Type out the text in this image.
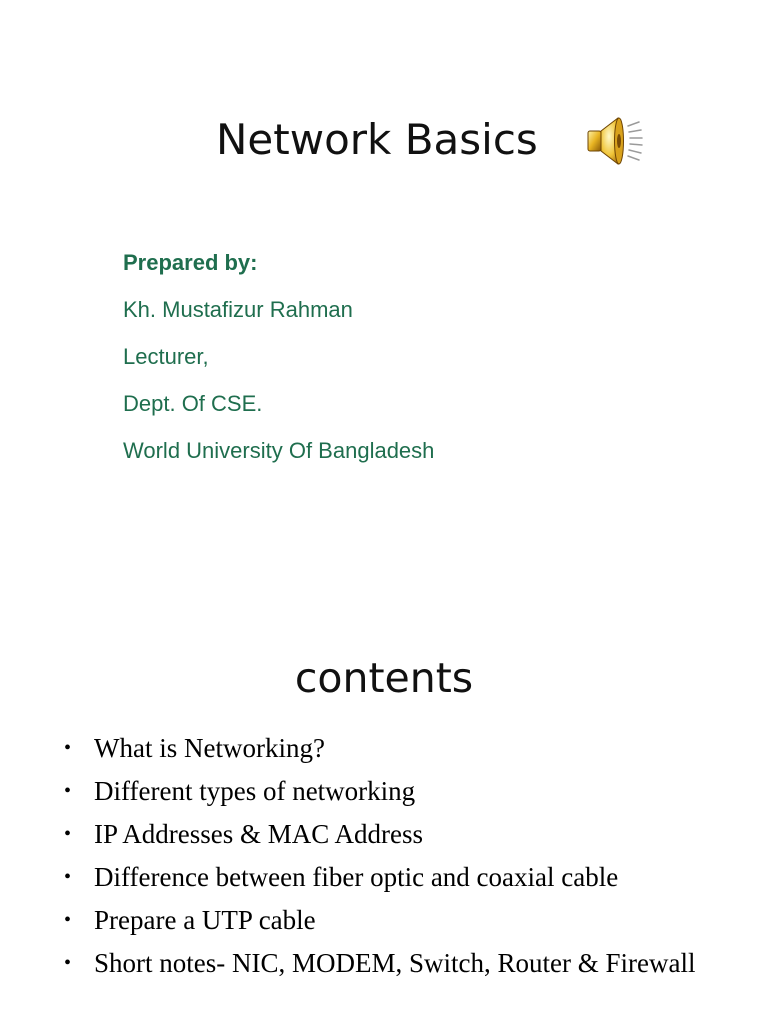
Network Basics
Prepared by:
Kh. Mustafizur Rahman
Lecturer,
Dept. Of CSE.
World University Of Bangladesh
contents
• What is Networking?
• Different types of networking
• IP Addresses & MAC Address
• Difference between fiber optic and coaxial cable
• Prepare a UTP cable
• Short notes- NIC, MODEM, Switch, Router & Firewall
